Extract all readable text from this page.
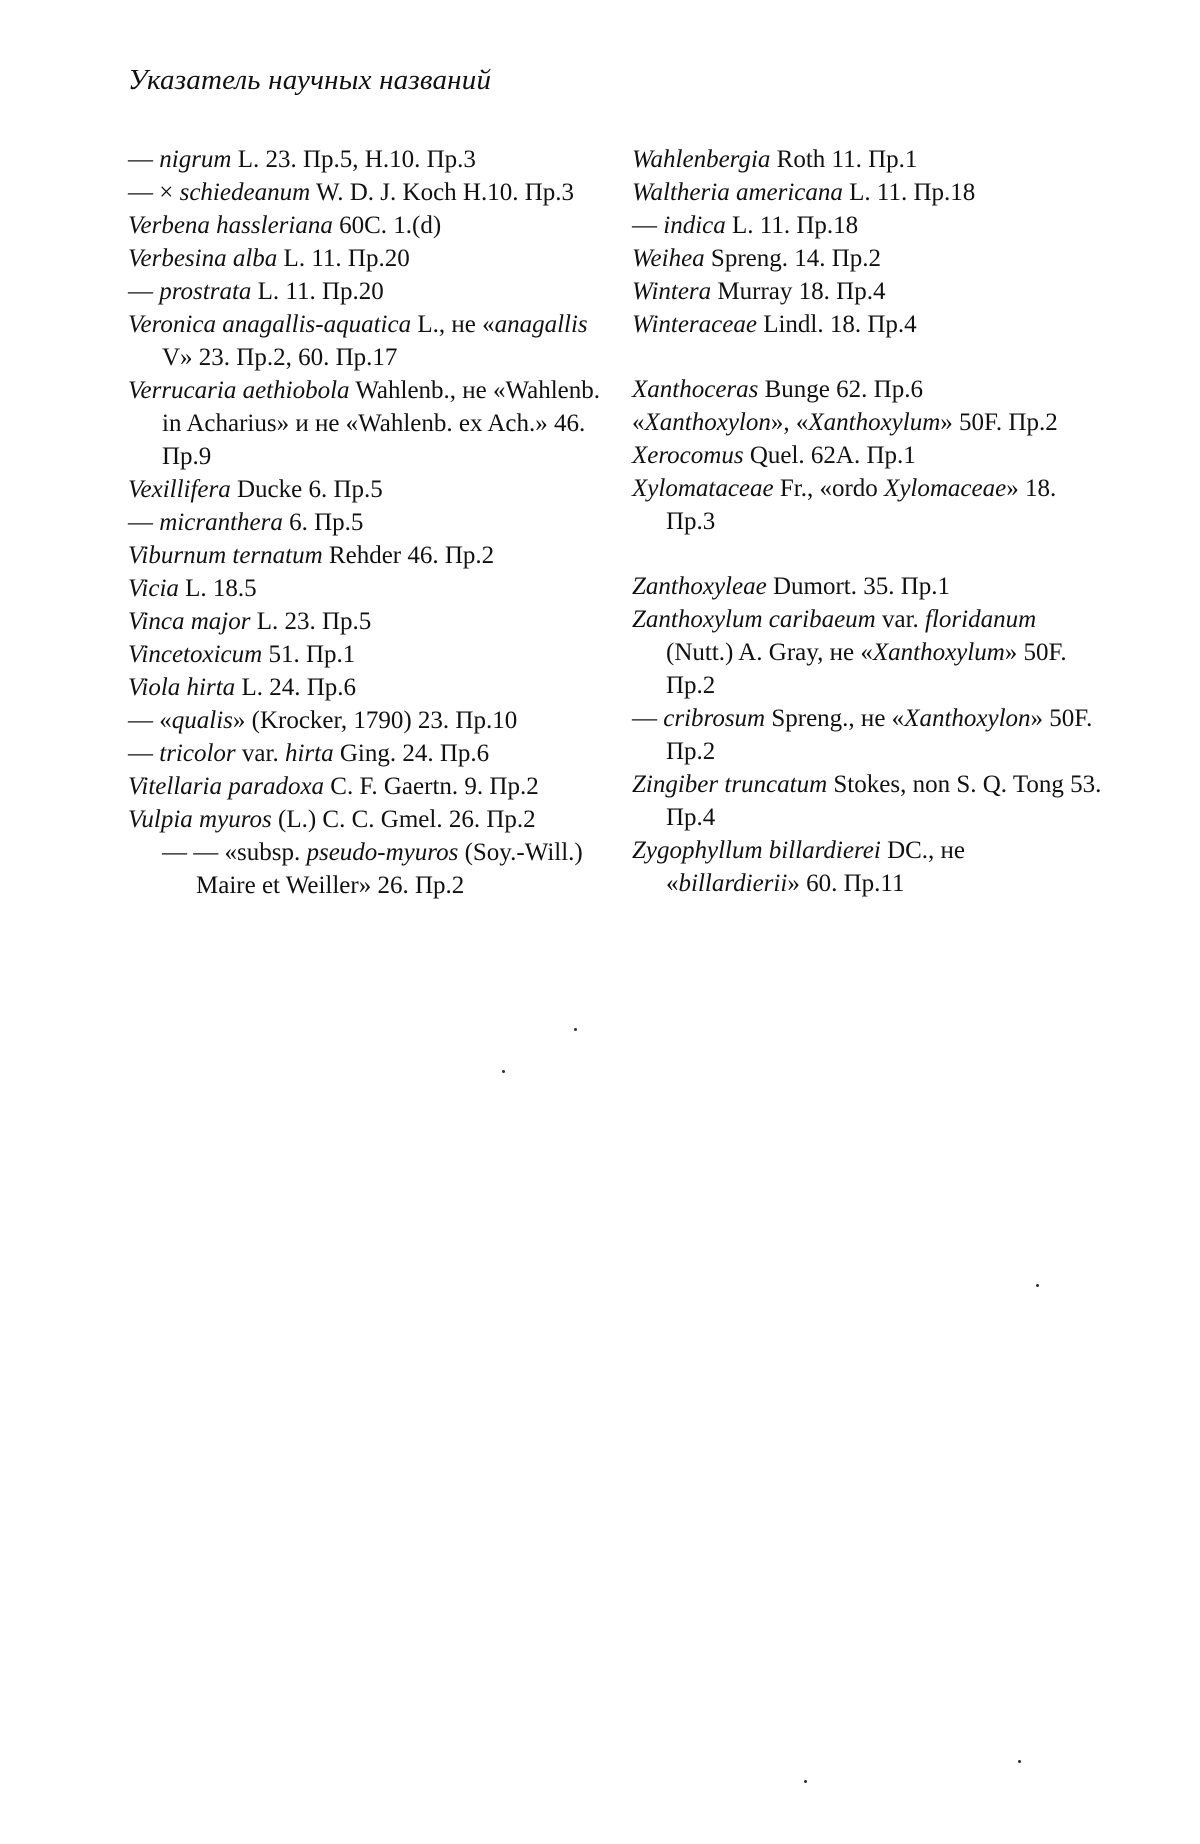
Указатель научных названий

— nigrum L. 23. Пр.5, Н.10. Пр.3

— × schiedeanum W. D. J. Koch H.10. Пр.3

Verbena hassleriana 60C. 1.(d)

Verbesina alba L. 11. Пр.20

— prostrata L. 11. Пр.20

Veronica anagallis-aquatica L., не «anagallis V» 23. Пр.2, 60. Пр.17

Verrucaria aethiobola Wahlenb., не «Wahlenb. in Acharius» и не «Wahlenb. ex Ach.» 46. Пр.9

Vexillifera Ducke 6. Пр.5

— micranthera 6. Пр.5

Viburnum ternatum Rehder 46. Пр.2

Vicia L. 18.5

Vinca major L. 23. Пр.5

Vincetoxicum 51. Пр.1

Viola hirta L. 24. Пр.6

— «qualis» (Krocker, 1790) 23. Пр.10

— tricolor var. hirta Ging. 24. Пр.6

Vitellaria paradoxa C. F. Gaertn. 9. Пр.2

Vulpia myuros (L.) C. C. Gmel. 26. Пр.2

— — «subsp. pseudo-myuros (Soy.-Will.) Maire et Weiller» 26. Пр.2

Wahlenbergia Roth 11. Пр.1

Waltheria americana L. 11. Пр.18

— indica L. 11. Пр.18

Weihea Spreng. 14. Пр.2

Wintera Murray 18. Пр.4

Winteraceae Lindl. 18. Пр.4

Xanthoceras Bunge 62. Пр.6

«Xanthoxylon», «Xanthoxylum» 50F. Пр.2

Xerocomus Quel. 62A. Пр.1

Xylomataceae Fr., «ordo Xylomaceae» 18. Пр.3

Zanthoxyleae Dumort. 35. Пр.1

Zanthoxylum caribaeum var. floridanum (Nutt.) A. Gray, не «Xanthoxylum» 50F. Пр.2

— cribrosum Spreng., не «Xanthoxylon» 50F. Пр.2

Zingiber truncatum Stokes, non S. Q. Tong 53. Пр.4

Zygophyllum billardierei DC., не «billardierii» 60. Пр.11
